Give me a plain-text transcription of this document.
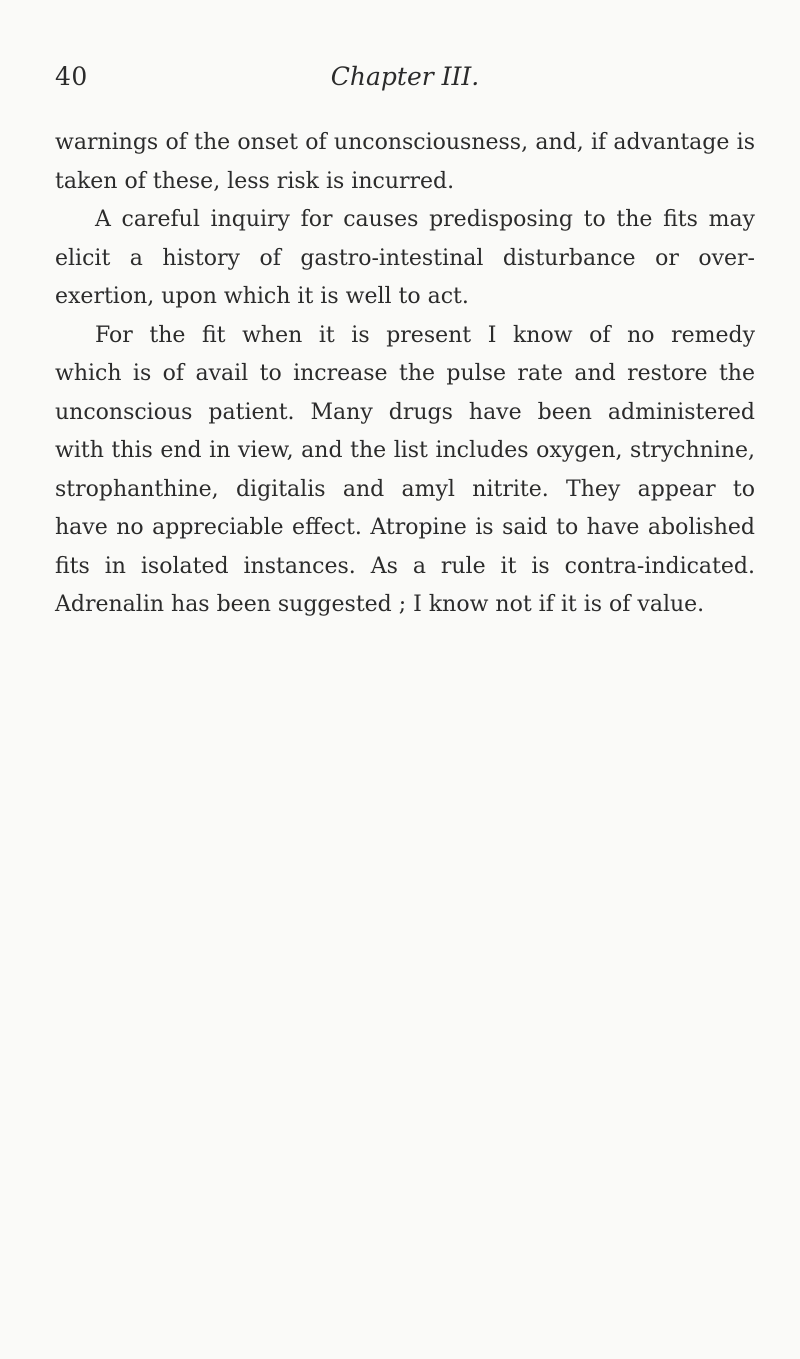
40	Chapter III.
warnings of the onset of unconsciousness, and, if advantage is
taken of these, less risk is incurred.
A careful inquiry for causes predisposing to the fits may
elicit a history of gastro-intestinal disturbance or over-
exertion, upon which it is well to act.
For the fit when it is present I know of no remedy
which is of avail to increase the pulse rate and restore the
unconscious patient. Many drugs have been administered
with this end in view, and the list includes oxygen, strychnine,
strophanthine, digitalis and amyl nitrite. They appear to
have no appreciable effect. Atropine is said to have abolished
fits in isolated instances. As a rule it is contra-indicated.
Adrenalin has been suggested ; I know not if it is of value.
